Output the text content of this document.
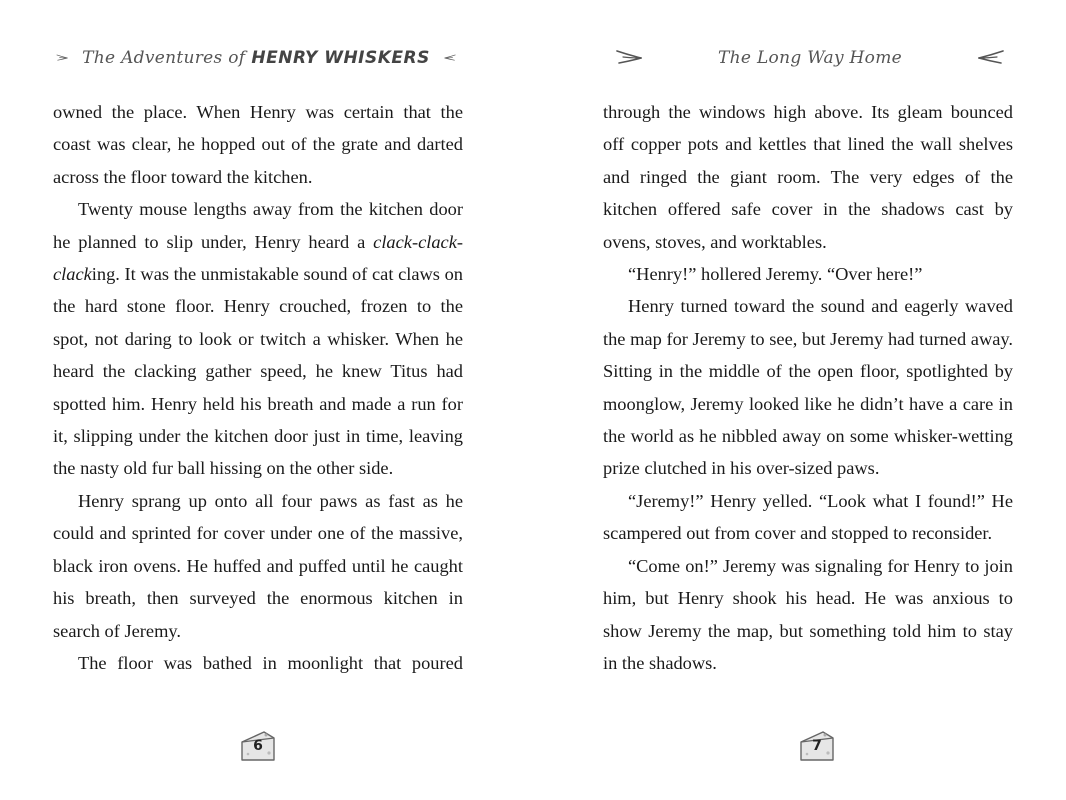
The Adventures of HENRY WHISKERS

owned the place. When Henry was certain that the coast was clear, he hopped out of the grate and darted across the floor toward the kitchen.

Twenty mouse lengths away from the kitchen door he planned to slip under, Henry heard a clack-clack-clacking. It was the unmistakable sound of cat claws on the hard stone floor. Henry crouched, frozen to the spot, not daring to look or twitch a whisker. When he heard the clacking gather speed, he knew Titus had spotted him. Henry held his breath and made a run for it, slipping under the kitchen door just in time, leaving the nasty old fur ball hissing on the other side.

Henry sprang up onto all four paws as fast as he could and sprinted for cover under one of the massive, black iron ovens. He huffed and puffed until he caught his breath, then surveyed the enormous kitchen in search of Jeremy.

The floor was bathed in moonlight that poured

6
The Long Way Home

through the windows high above. Its gleam bounced off copper pots and kettles that lined the wall shelves and ringed the giant room. The very edges of the kitchen offered safe cover in the shadows cast by ovens, stoves, and worktables.

“Henry!” hollered Jeremy. “Over here!”

Henry turned toward the sound and eagerly waved the map for Jeremy to see, but Jeremy had turned away. Sitting in the middle of the open floor, spotlighted by moonglow, Jeremy looked like he didn’t have a care in the world as he nibbled away on some whisker-wetting prize clutched in his over-sized paws.

“Jeremy!” Henry yelled. “Look what I found!” He scampered out from cover and stopped to reconsider.

“Come on!” Jeremy was signaling for Henry to join him, but Henry shook his head. He was anxious to show Jeremy the map, but something told him to stay in the shadows.

7
